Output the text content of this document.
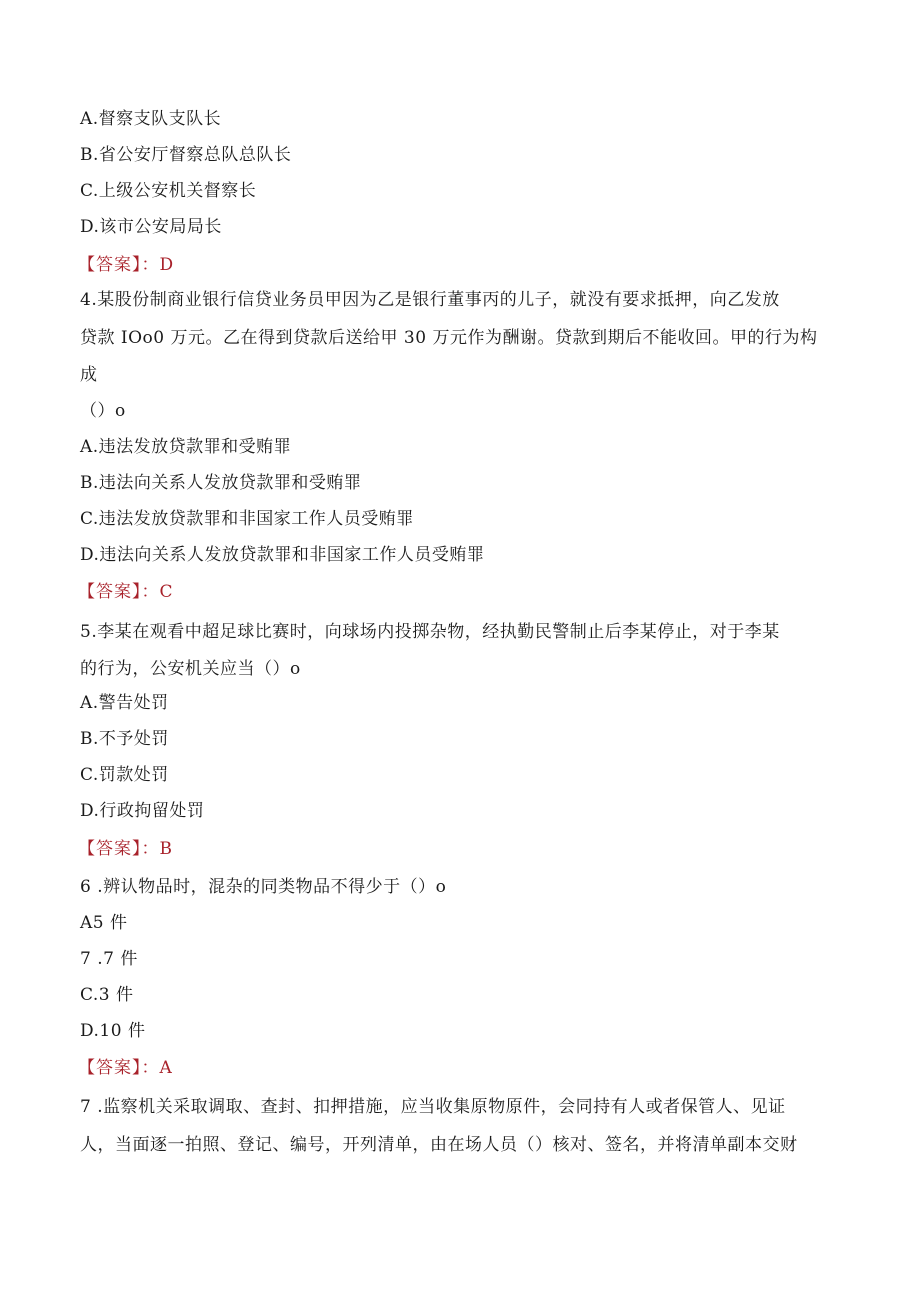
A.督察支队支队长
B.省公安厅督察总队总队长
C.上级公安机关督察长
D.该市公安局局长
【答案】：D
4.某股份制商业银行信贷业务员甲因为乙是银行董事丙的儿子，就没有要求抵押，向乙发放
贷款 IOo0 万元。乙在得到贷款后送给甲 30 万元作为酬谢。贷款到期后不能收回。甲的行为构
成
（）o
A.违法发放贷款罪和受贿罪
B.违法向关系人发放贷款罪和受贿罪
C.违法发放贷款罪和非国家工作人员受贿罪
D.违法向关系人发放贷款罪和非国家工作人员受贿罪
【答案】：C
5.李某在观看中超足球比赛时，向球场内投掷杂物，经执勤民警制止后李某停止，对于李某
的行为，公安机关应当（）o
A.警告处罚
B.不予处罚
C.罚款处罚
D.行政拘留处罚
【答案】：B
6 .辨认物品时，混杂的同类物品不得少于（）o
A5 件
7 .7 件
C.3 件
D.10 件
【答案】：A
7 .监察机关采取调取、查封、扣押措施，应当收集原物原件，会同持有人或者保管人、见证
人，当面逐一拍照、登记、编号，开列清单，由在场人员（）核对、签名，并将清单副本交财
